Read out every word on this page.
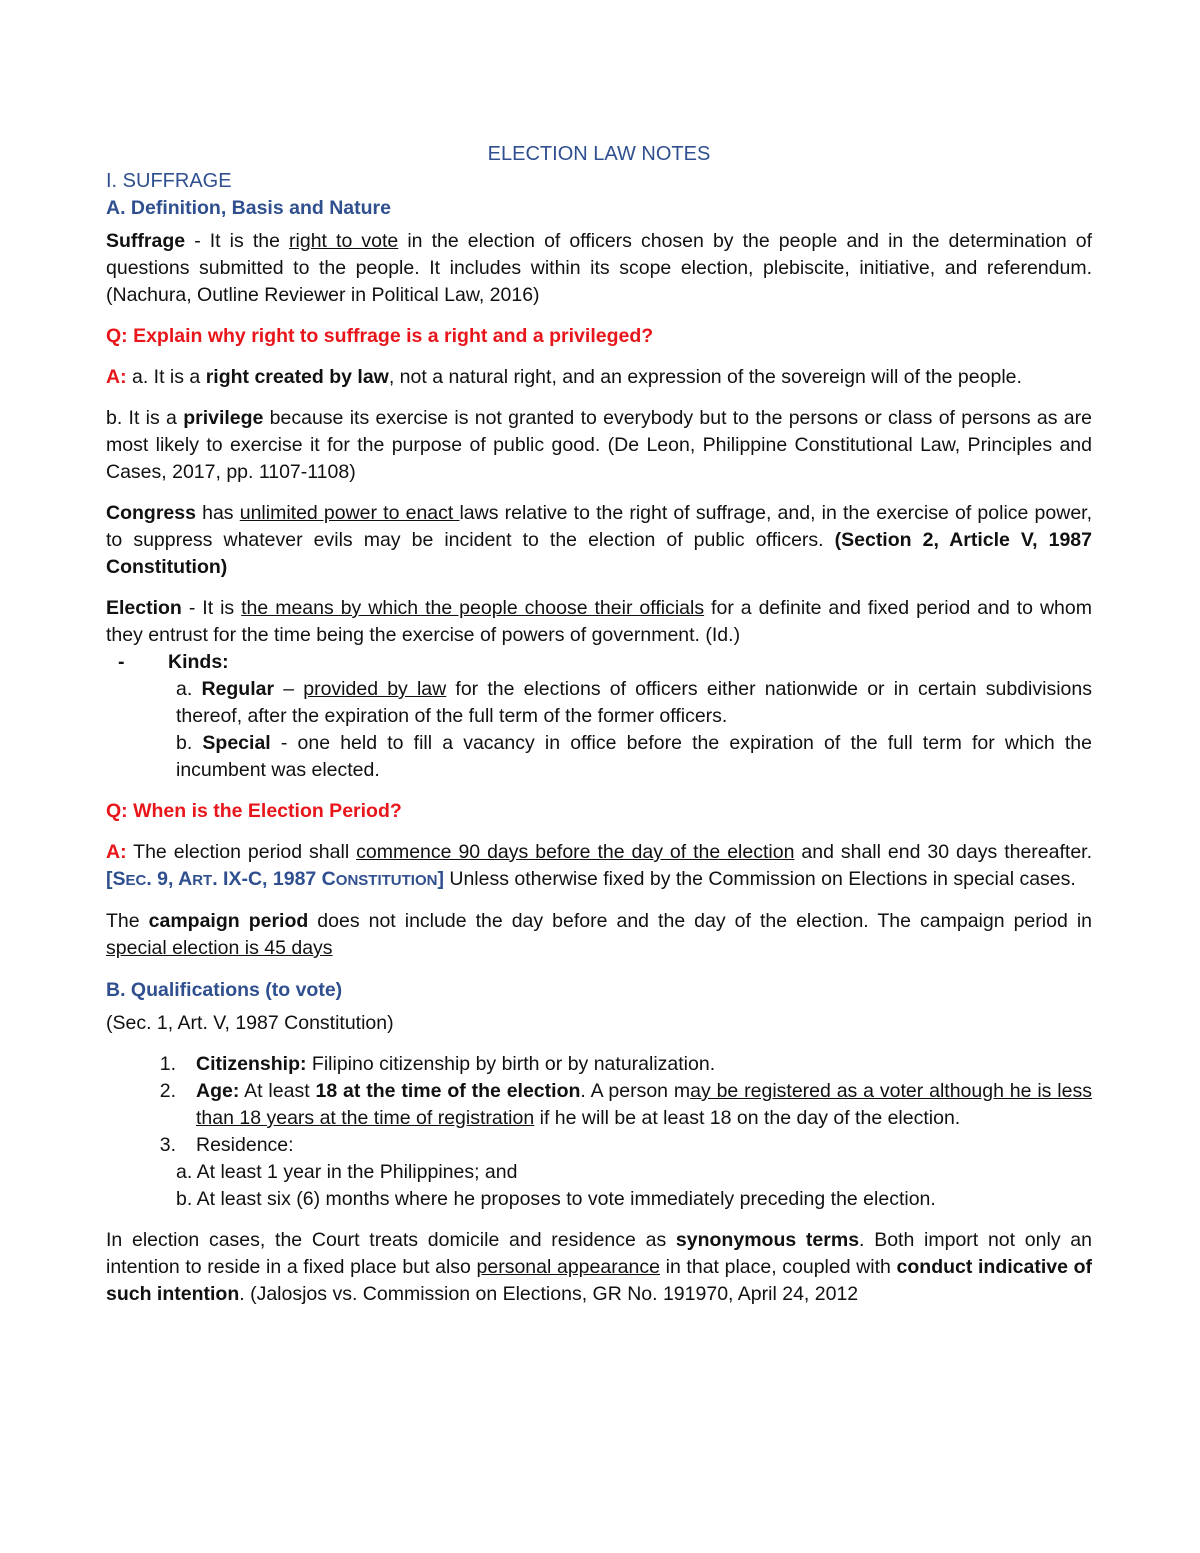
ELECTION LAW NOTES

I. SUFFRAGE

A. Definition, Basis and Nature

Suffrage - It is the right to vote in the election of officers chosen by the people and in the determination of questions submitted to the people. It includes within its scope election, plebiscite, initiative, and referendum. (Nachura, Outline Reviewer in Political Law, 2016)

Q: Explain why right to suffrage is a right and a privileged?

A: a. It is a right created by law, not a natural right, and an expression of the sovereign will of the people.

b. It is a privilege because its exercise is not granted to everybody but to the persons or class of persons as are most likely to exercise it for the purpose of public good. (De Leon, Philippine Constitutional Law, Principles and Cases, 2017, pp. 1107-1108)

Congress has unlimited power to enact laws relative to the right of suffrage, and, in the exercise of police power, to suppress whatever evils may be incident to the election of public officers. (Section 2, Article V, 1987 Constitution)

Election - It is the means by which the people choose their officials for a definite and fixed period and to whom they entrust for the time being the exercise of powers of government. (Id.)

-	Kinds:

a. Regular – provided by law for the elections of officers either nationwide or in certain subdivisions thereof, after the expiration of the full term of the former officers.

b. Special - one held to fill a vacancy in office before the expiration of the full term for which the incumbent was elected.

Q: When is the Election Period?

A: The election period shall commence 90 days before the day of the election and shall end 30 days thereafter. [SEC. 9, ART. IX-C, 1987 CONSTITUTION] Unless otherwise fixed by the Commission on Elections in special cases.

The campaign period does not include the day before and the day of the election. The campaign period in special election is 45 days

B. Qualifications (to vote)

(Sec. 1, Art. V, 1987 Constitution)

1.	Citizenship: Filipino citizenship by birth or by naturalization.
2.	Age: At least 18 at the time of the election. A person may be registered as a voter although he is less than 18 years at the time of registration if he will be at least 18 on the day of the election.
3.	Residence:
a. At least 1 year in the Philippines; and
b. At least six (6) months where he proposes to vote immediately preceding the election.

In election cases, the Court treats domicile and residence as synonymous terms. Both import not only an intention to reside in a fixed place but also personal appearance in that place, coupled with conduct indicative of such intention. (Jalosjos vs. Commission on Elections, GR No. 191970, April 24, 2012
